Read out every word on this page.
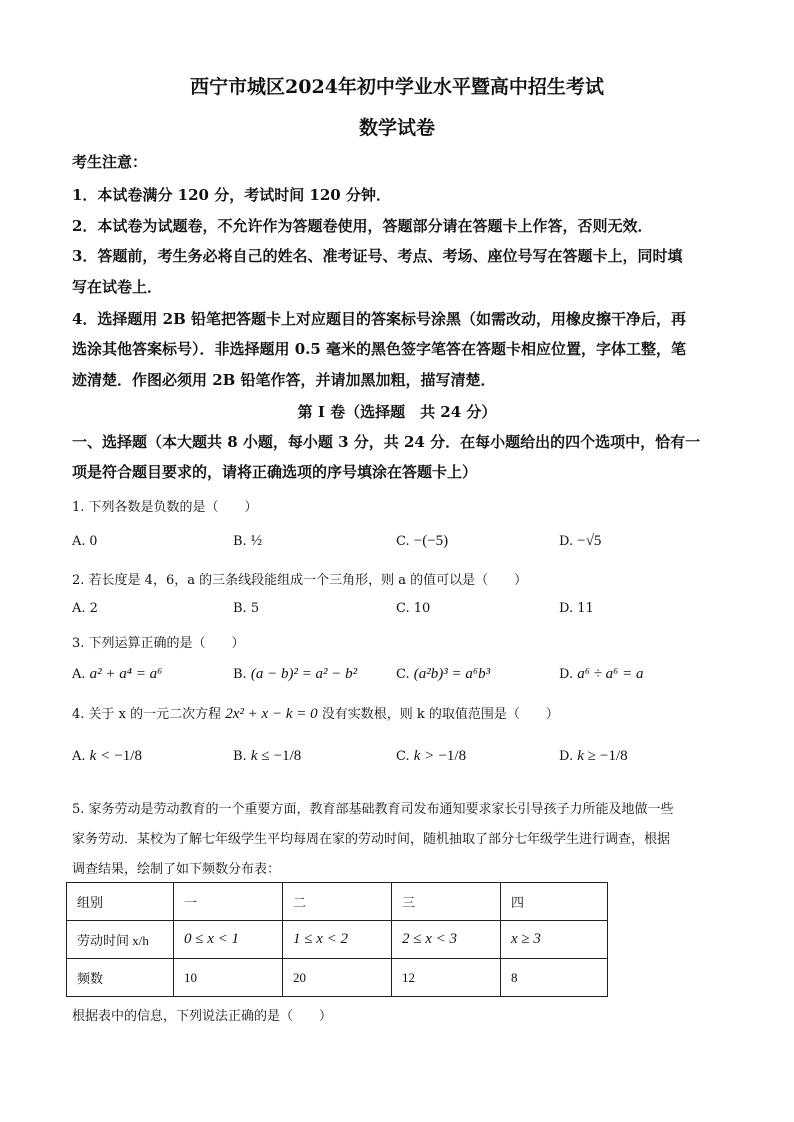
西宁市城区2024年初中学业水平暨高中招生考试
数学试卷
考生注意：
1．本试卷满分 120 分，考试时间 120 分钟．
2．本试卷为试题卷，不允许作为答题卷使用，答题部分请在答题卡上作答，否则无效．
3．答题前，考生务必将自己的姓名、准考证号、考点、考场、座位号写在答题卡上，同时填
写在试卷上．
4．选择题用 2B 铅笔把答题卡上对应题目的答案标号涂黑（如需改动，用橡皮擦干净后，再
选涂其他答案标号）．非选择题用 0.5 毫米的黑色签字笔答在答题卡相应位置，字体工整，笔
迹清楚．作图必须用 2B 铅笔作答，并请加黑加粗，描写清楚．
第 I 卷（选择题　共 24 分）
一、选择题（本大题共 8 小题，每小题 3 分，共 24 分．在每小题给出的四个选项中，恰有一
项是符合题目要求的，请将正确选项的序号填涂在答题卡上）
1. 下列各数是负数的是（　　）
A. 0	B. ½	C. −(−5)	D. −√5
2. 若长度是 4，6，a 的三条线段能组成一个三角形，则 a 的值可以是（　　）
A. 2	B. 5	C. 10	D. 11
3. 下列运算正确的是（　　）
A. a² + a⁴ = a⁶	B. (a − b)² = a² − b²	C. (a²b)³ = a⁶b³	D. a⁶ ÷ a⁶ = a
4. 关于 x 的一元二次方程 2x² + x − k = 0 没有实数根，则 k 的取值范围是（　　）
A. k < −1/8	B. k ≤ −1/8	C. k > −1/8	D. k ≥ −1/8
5. 家务劳动是劳动教育的一个重要方面，教育部基础教育司发布通知要求家长引导孩子力所能及地做一些
家务劳动．某校为了解七年级学生平均每周在家的劳动时间，随机抽取了部分七年级学生进行调查，根据
调查结果，绘制了如下频数分布表：
组别	一	二	三	四
劳动时间 x/h	0 ≤ x < 1	1 ≤ x < 2	2 ≤ x < 3	x ≥ 3
频数	10	20	12	8
根据表中的信息，下列说法正确的是（　　）
